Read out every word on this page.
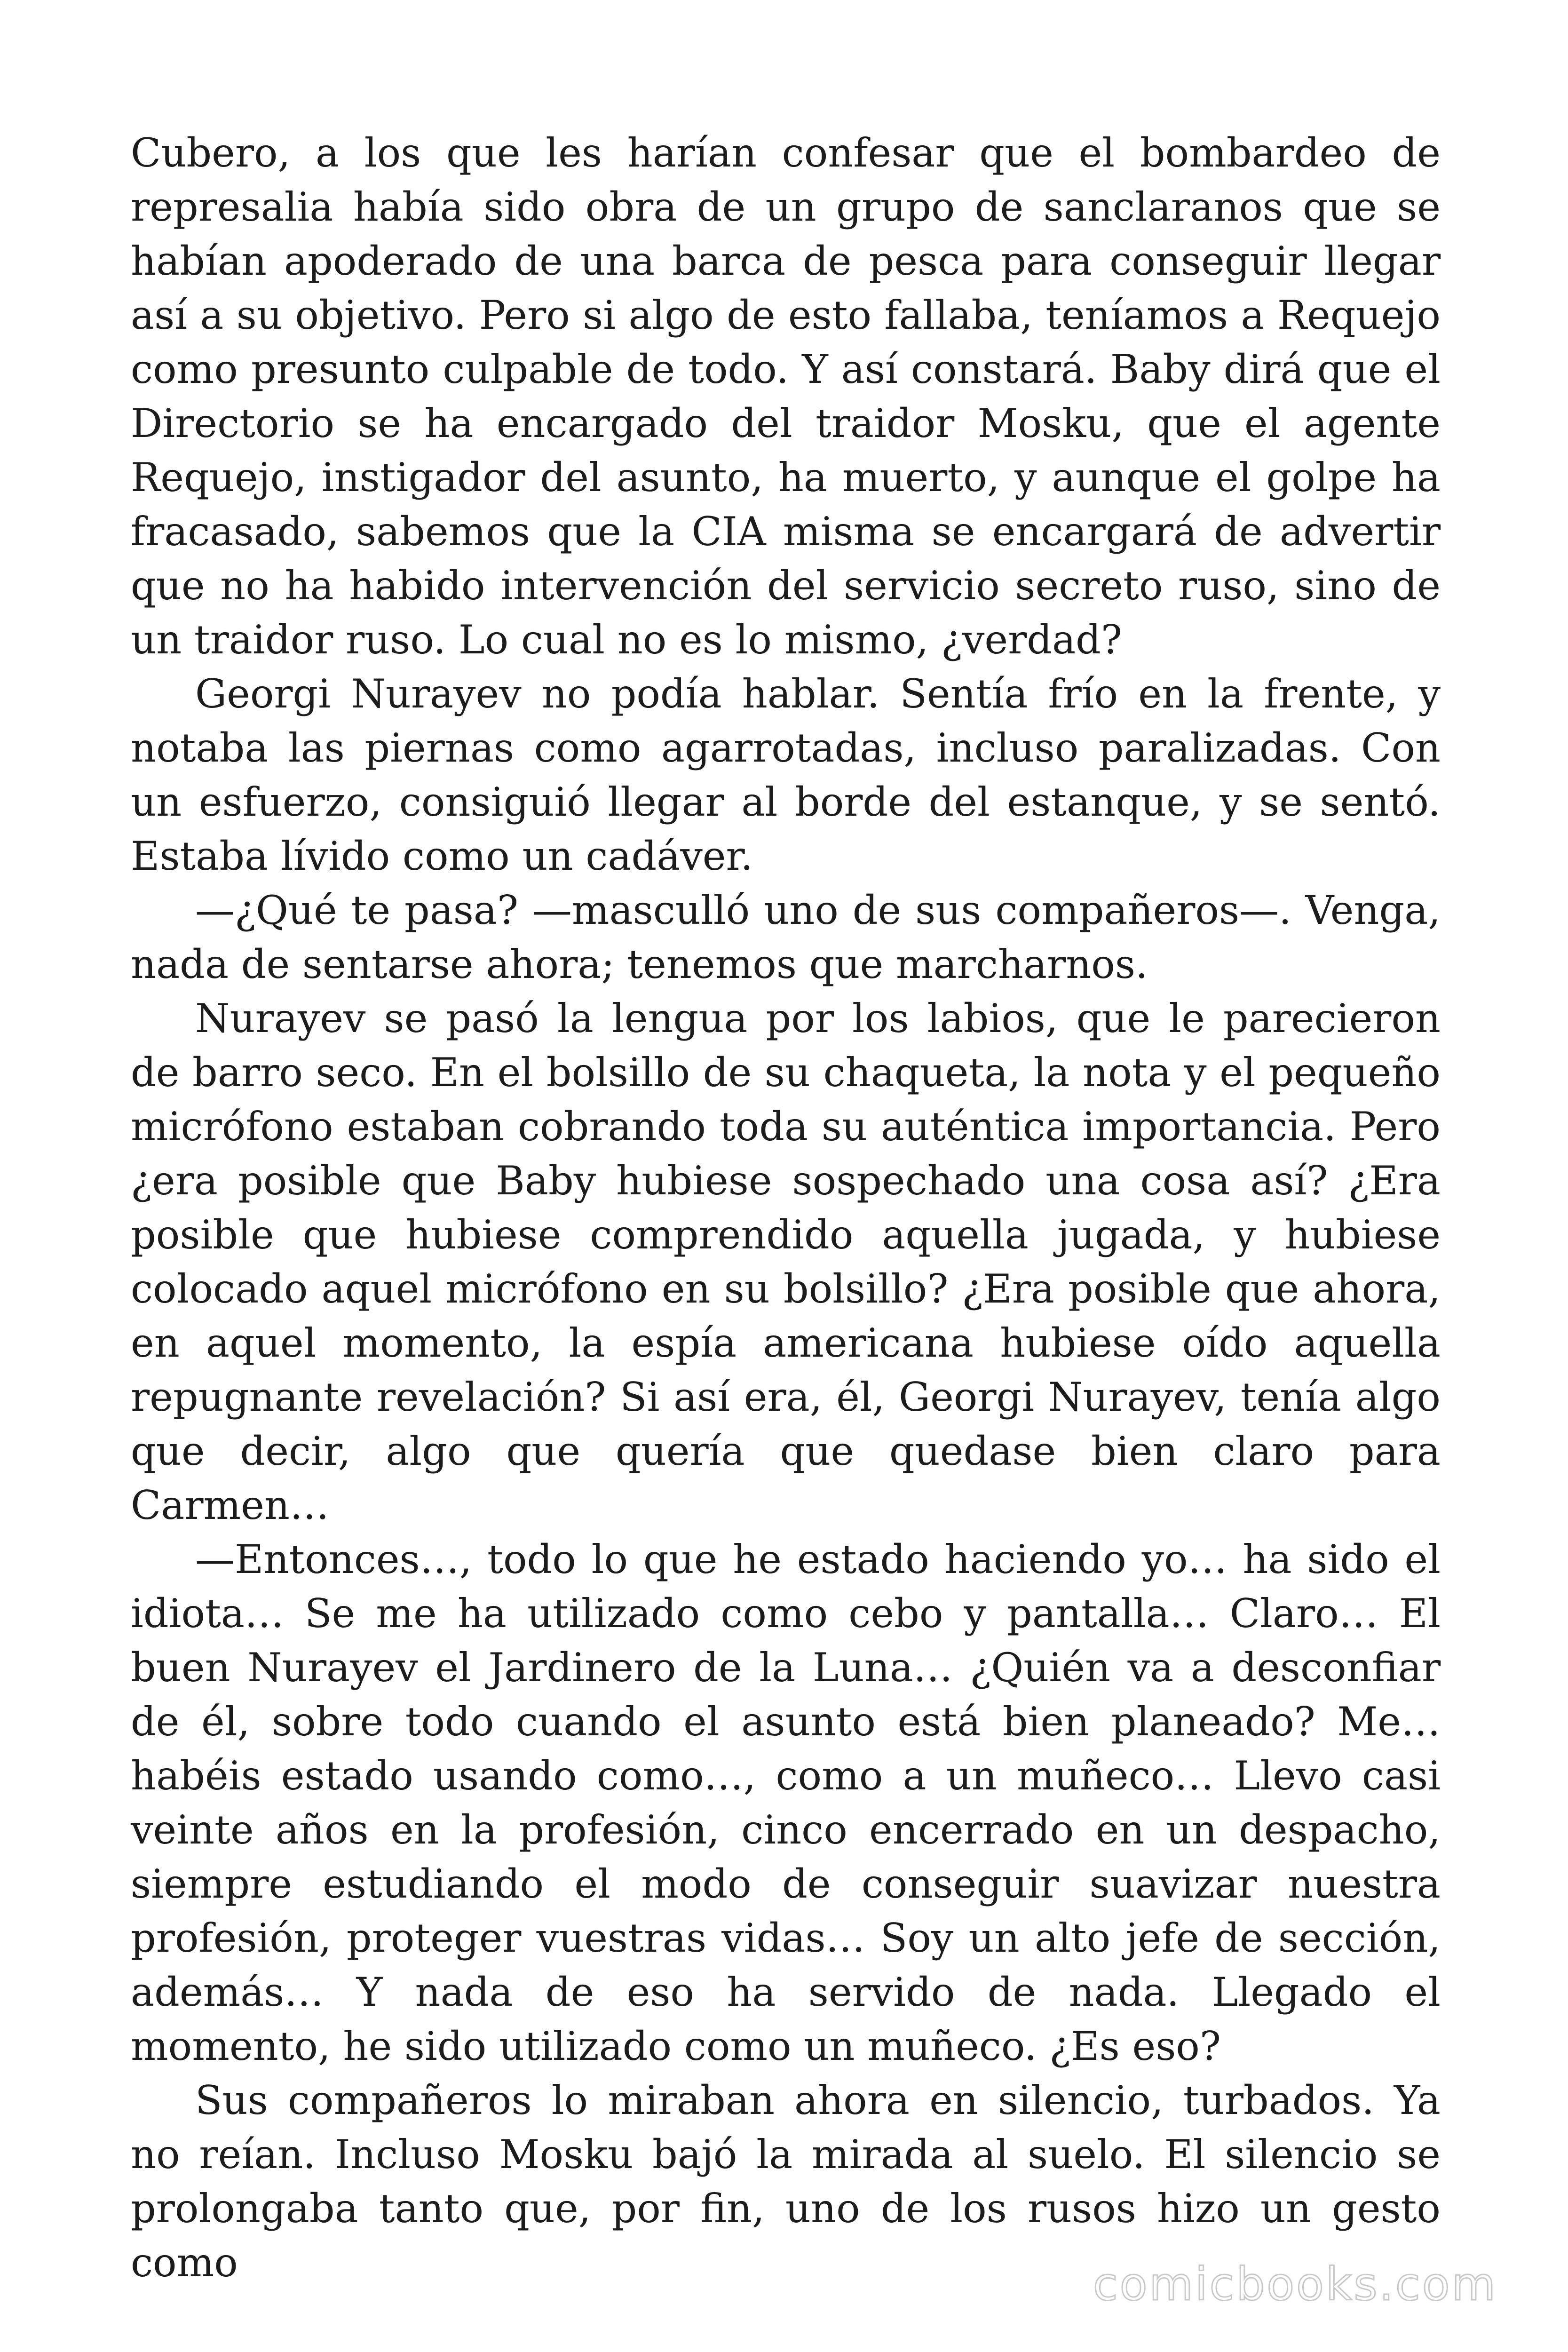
Cubero, a los que les harían confesar que el bombardeo de represalia había sido obra de un grupo de sanclaranos que se habían apoderado de una barca de pesca para conseguir llegar así a su objetivo. Pero si algo de esto fallaba, teníamos a Requejo como presunto culpable de todo. Y así constará. Baby dirá que el Directorio se ha encargado del traidor Mosku, que el agente Requejo, instigador del asunto, ha muerto, y aunque el golpe ha fracasado, sabemos que la CIA misma se encargará de advertir que no ha habido intervención del servicio secreto ruso, sino de un traidor ruso. Lo cual no es lo mismo, ¿verdad?

Georgi Nurayev no podía hablar. Sentía frío en la frente, y notaba las piernas como agarrotadas, incluso paralizadas. Con un esfuerzo, consiguió llegar al borde del estanque, y se sentó. Estaba lívido como un cadáver.

—¿Qué te pasa? —masculló uno de sus compañeros—. Venga, nada de sentarse ahora; tenemos que marcharnos.

Nurayev se pasó la lengua por los labios, que le parecieron de barro seco. En el bolsillo de su chaqueta, la nota y el pequeño micrófono estaban cobrando toda su auténtica importancia. Pero ¿era posible que Baby hubiese sospechado una cosa así? ¿Era posible que hubiese comprendido aquella jugada, y hubiese colocado aquel micrófono en su bolsillo? ¿Era posible que ahora, en aquel momento, la espía americana hubiese oído aquella repugnante revelación? Si así era, él, Georgi Nurayev, tenía algo que decir, algo que quería que quedase bien claro para Carmen…

—Entonces…, todo lo que he estado haciendo yo… ha sido el idiota… Se me ha utilizado como cebo y pantalla… Claro… El buen Nurayev el Jardinero de la Luna… ¿Quién va a desconfiar de él, sobre todo cuando el asunto está bien planeado? Me… habéis estado usando como…, como a un muñeco… Llevo casi veinte años en la profesión, cinco encerrado en un despacho, siempre estudiando el modo de conseguir suavizar nuestra profesión, proteger vuestras vidas… Soy un alto jefe de sección, además… Y nada de eso ha servido de nada. Llegado el momento, he sido utilizado como un muñeco. ¿Es eso?

Sus compañeros lo miraban ahora en silencio, turbados. Ya no reían. Incluso Mosku bajó la mirada al suelo. El silencio se prolongaba tanto que, por fin, uno de los rusos hizo un gesto como	comicbooks.com
